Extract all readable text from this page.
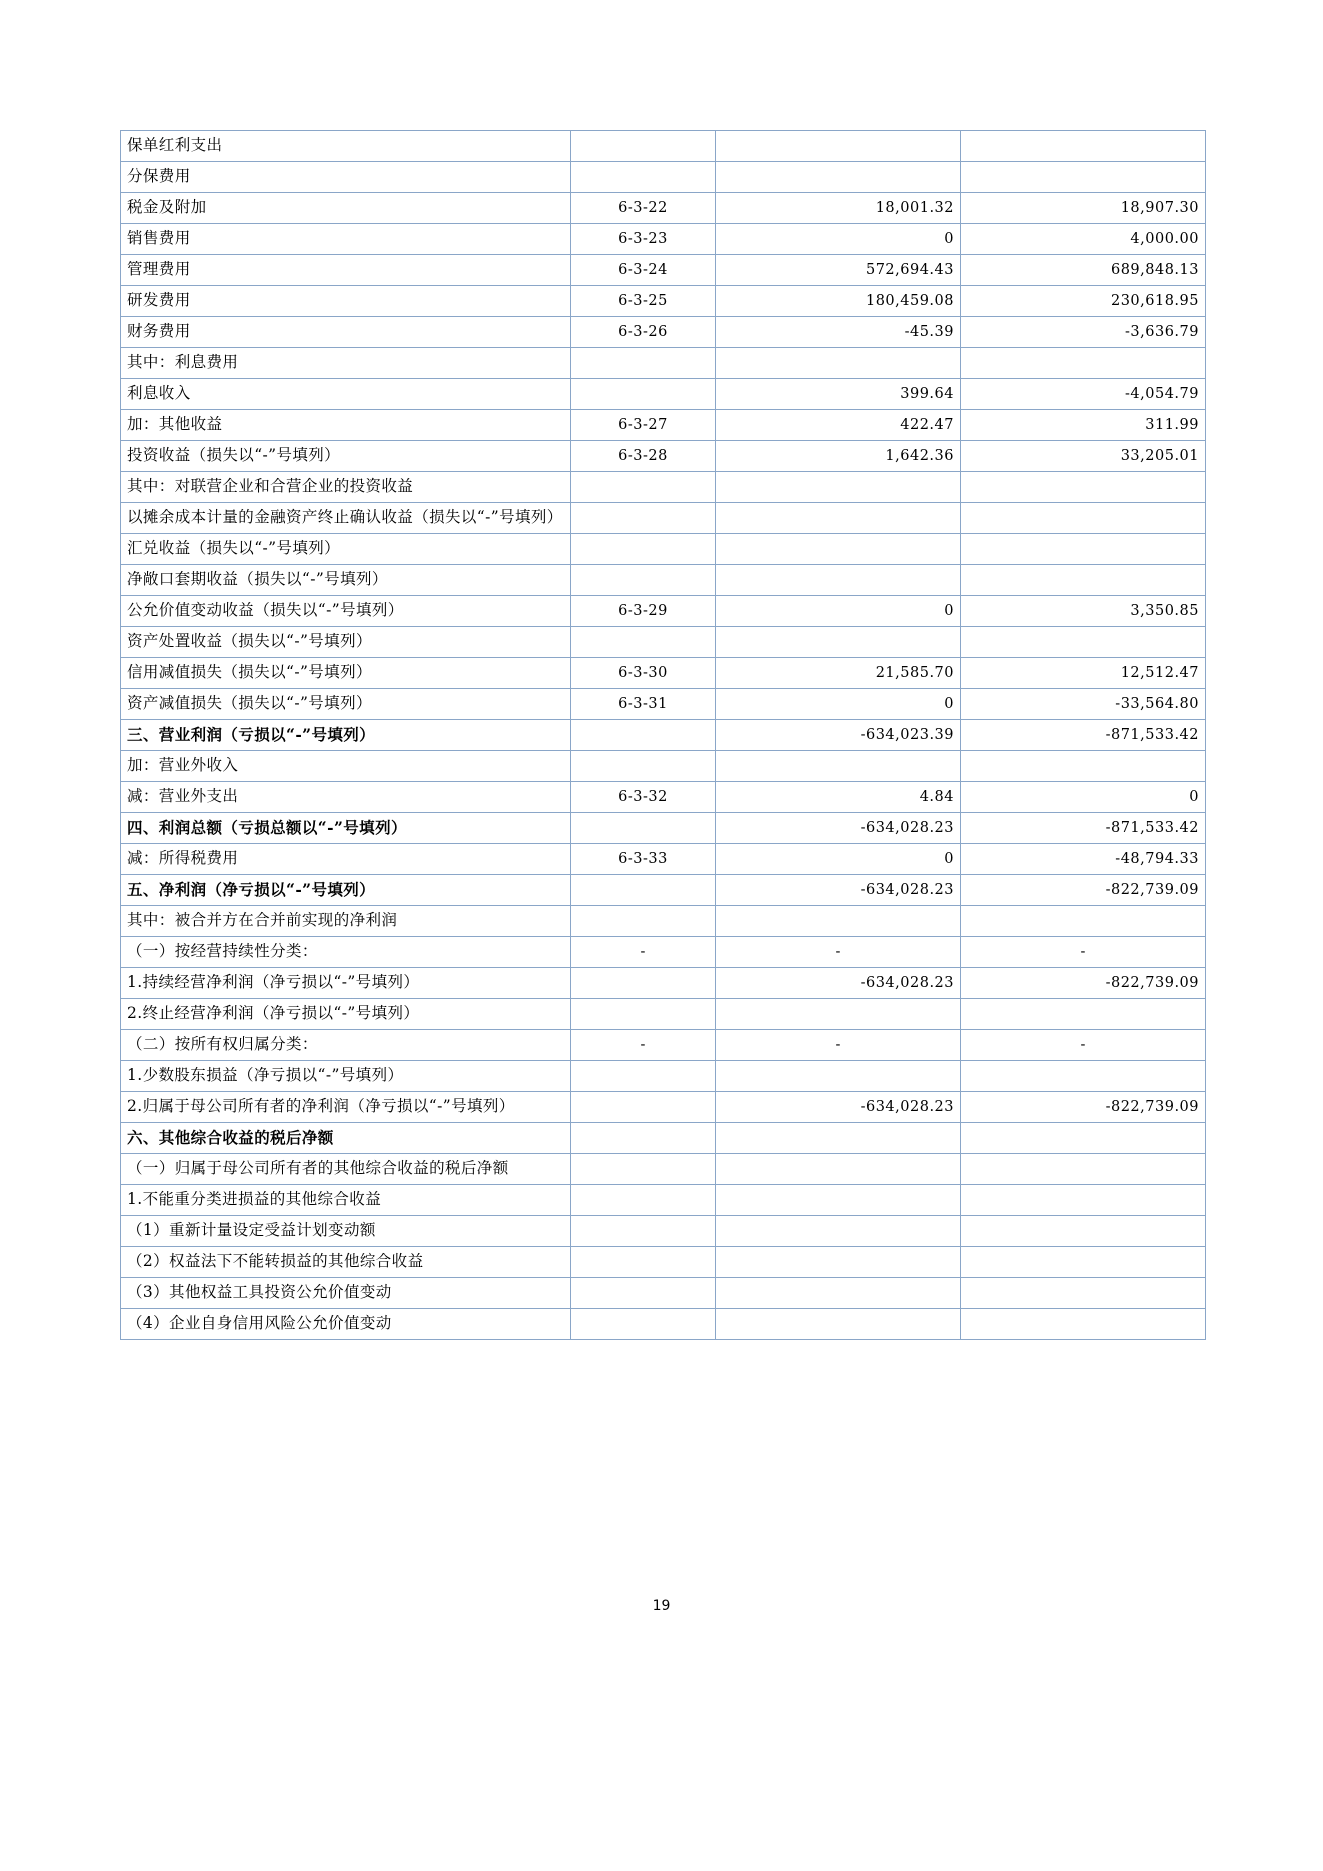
保单红利支出			
分保费用			
税金及附加	6-3-22	18,001.32	18,907.30
销售费用	6-3-23	0	4,000.00
管理费用	6-3-24	572,694.43	689,848.13
研发费用	6-3-25	180,459.08	230,618.95
财务费用	6-3-26	-45.39	-3,636.79
其中：利息费用			
利息收入		399.64	-4,054.79
加：其他收益	6-3-27	422.47	311.99
投资收益（损失以“-”号填列）	6-3-28	1,642.36	33,205.01
其中：对联营企业和合营企业的投资收益			
以摊余成本计量的金融资产终止确认收益（损失以“-”号填列）			
汇兑收益（损失以“-”号填列）			
净敞口套期收益（损失以“-”号填列）			
公允价值变动收益（损失以“-”号填列）	6-3-29	0	3,350.85
资产处置收益（损失以“-”号填列）			
信用减值损失（损失以“-”号填列）	6-3-30	21,585.70	12,512.47
资产减值损失（损失以“-”号填列）	6-3-31	0	-33,564.80
三、营业利润（亏损以“-”号填列）		-634,023.39	-871,533.42
加：营业外收入			
减：营业外支出	6-3-32	4.84	0
四、利润总额（亏损总额以“-”号填列）		-634,028.23	-871,533.42
减：所得税费用	6-3-33	0	-48,794.33
五、净利润（净亏损以“-”号填列）		-634,028.23	-822,739.09
其中：被合并方在合并前实现的净利润			
（一）按经营持续性分类：	-	-	-
1.持续经营净利润（净亏损以“-”号填列）		-634,028.23	-822,739.09
2.终止经营净利润（净亏损以“-”号填列）			
（二）按所有权归属分类：	-	-	-
1.少数股东损益（净亏损以“-”号填列）			
2.归属于母公司所有者的净利润（净亏损以“-”号填列）		-634,028.23	-822,739.09
六、其他综合收益的税后净额			
（一）归属于母公司所有者的其他综合收益的税后净额			
1.不能重分类进损益的其他综合收益			
（1）重新计量设定受益计划变动额			
（2）权益法下不能转损益的其他综合收益			
（3）其他权益工具投资公允价值变动			
（4）企业自身信用风险公允价值变动			
19
